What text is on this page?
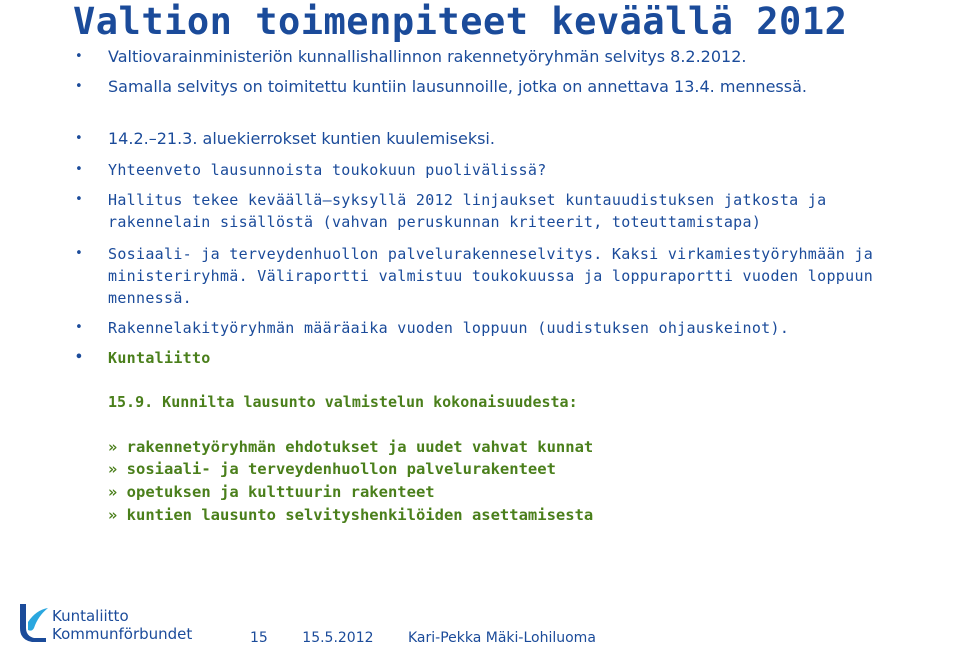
Valtion toimenpiteet keväällä 2012
• Valtiovarainministeriön kunnallishallinnon rakennetyöryhmän selvitys 8.2.2012.
• Samalla selvitys on toimitettu kuntiin lausunnoille, jotka on annettava 13.4. mennessä.
• 14.2.–21.3. aluekierrokset kuntien kuulemiseksi.
• Yhteenveto lausunnoista toukokuun puolivälissä?
• Hallitus tekee keväällä–syksyllä 2012 linjaukset kuntauudistuksen jatkosta ja rakennelain sisällöstä (vahvan peruskunnan kriteerit, toteuttamistapa)
• Sosiaali- ja terveydenhuollon palvelurakenneselvitys. Kaksi virkamiestyöryhmään ja ministeriryhmä. Väliraportti valmistuu toukokuussa ja loppuraportti vuoden loppuun mennessä.
• Rakennelakityöryhmän määräaika vuoden loppuun (uudistuksen ohjauskeinot).
• Kuntaliitto
15.9. Kunnilta lausunto valmistelun kokonaisuudesta:
» rakennetyöryhmän ehdotukset ja uudet vahvat kunnat
» sosiaali- ja terveydenhuollon palvelurakenteet
» opetuksen ja kulttuurin rakenteet
» kuntien lausunto selvityshenkilöiden asettamisesta
Kuntaliitto
Kommunförbundet	15 15.5.2012 Kari-Pekka Mäki-Lohiluoma
